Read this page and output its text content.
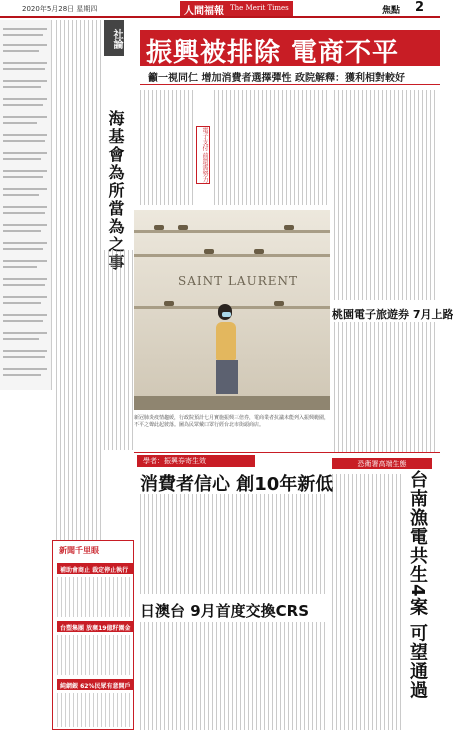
2020年5月28日 星期四	人間福報 The Merit Times	焦點 2
社論
海基會為所當為之事
振興被排除 電商不平
籲一視同仁 增加消費者選擇彈性 政院解釋：獲利相對較好
電子支付 前還需努力
SAINT LAURENT
新冠肺炎疫情趨緩，行政院預計七月實施振興三倍券，電商業者抗議未能列入振興範圍，不平之聲此起彼落。圖為民眾戴口罩行經台北市街頭商店。
桃園電子旅遊券 7月上路
學者：振興券寄生效
消費者信心 創10年新低
恐衛署高端生態
台南漁電共生4案 可望通過
日澳台 9月首度交換CRS
新聞千里眼
補助會商止 裁定停止執行
台塑集團 放棄19億籽園金
純網銀 62%民眾有意開戶
